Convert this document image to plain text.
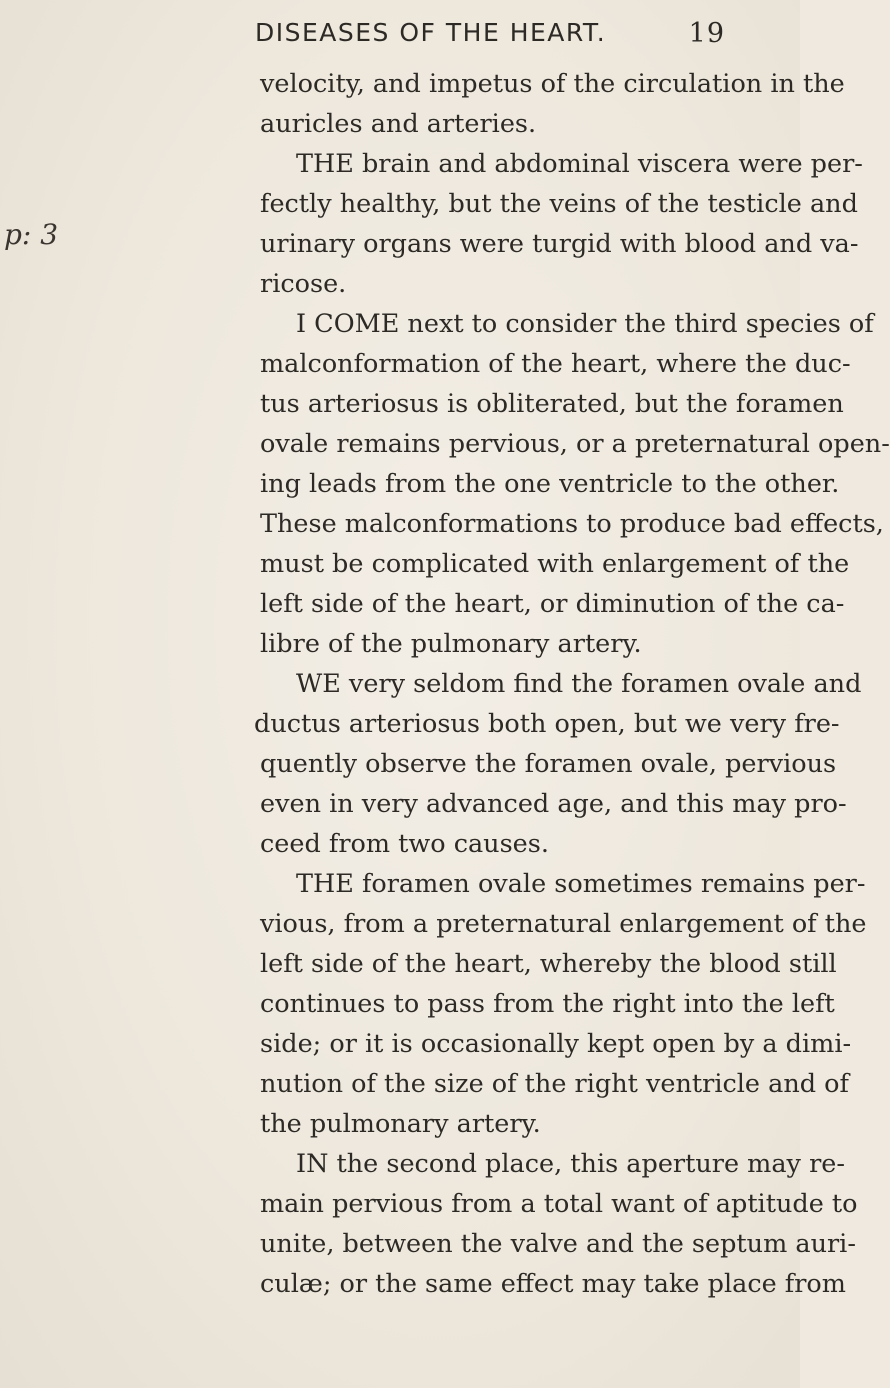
DISEASES OF THE HEART.	19
p: 3
velocity, and impetus of the circulation in the
auricles and arteries.
THE brain and abdominal viscera were per-
fectly healthy, but the veins of the testicle and
urinary organs were turgid with blood and va-
ricose.
I COME next to consider the third species of
malconformation of the heart, where the duc-
tus arteriosus is obliterated, but the foramen
ovale remains pervious, or a preternatural open-
ing leads from the one ventricle to the other.
These malconformations to produce bad effects,
must be complicated with enlargement of the
left side of the heart, or diminution of the ca-
libre of the pulmonary artery.
WE very seldom find the foramen ovale and
ductus arteriosus both open, but we very fre-
quently observe the foramen ovale, pervious
even in very advanced age, and this may pro-
ceed from two causes.
THE foramen ovale sometimes remains per-
vious, from a preternatural enlargement of the
left side of the heart, whereby the blood still
continues to pass from the right into the left
side; or it is occasionally kept open by a dimi-
nution of the size of the right ventricle and of
the pulmonary artery.
IN the second place, this aperture may re-
main pervious from a total want of aptitude to
unite, between the valve and the septum auri-
culæ; or the same effect may take place from
